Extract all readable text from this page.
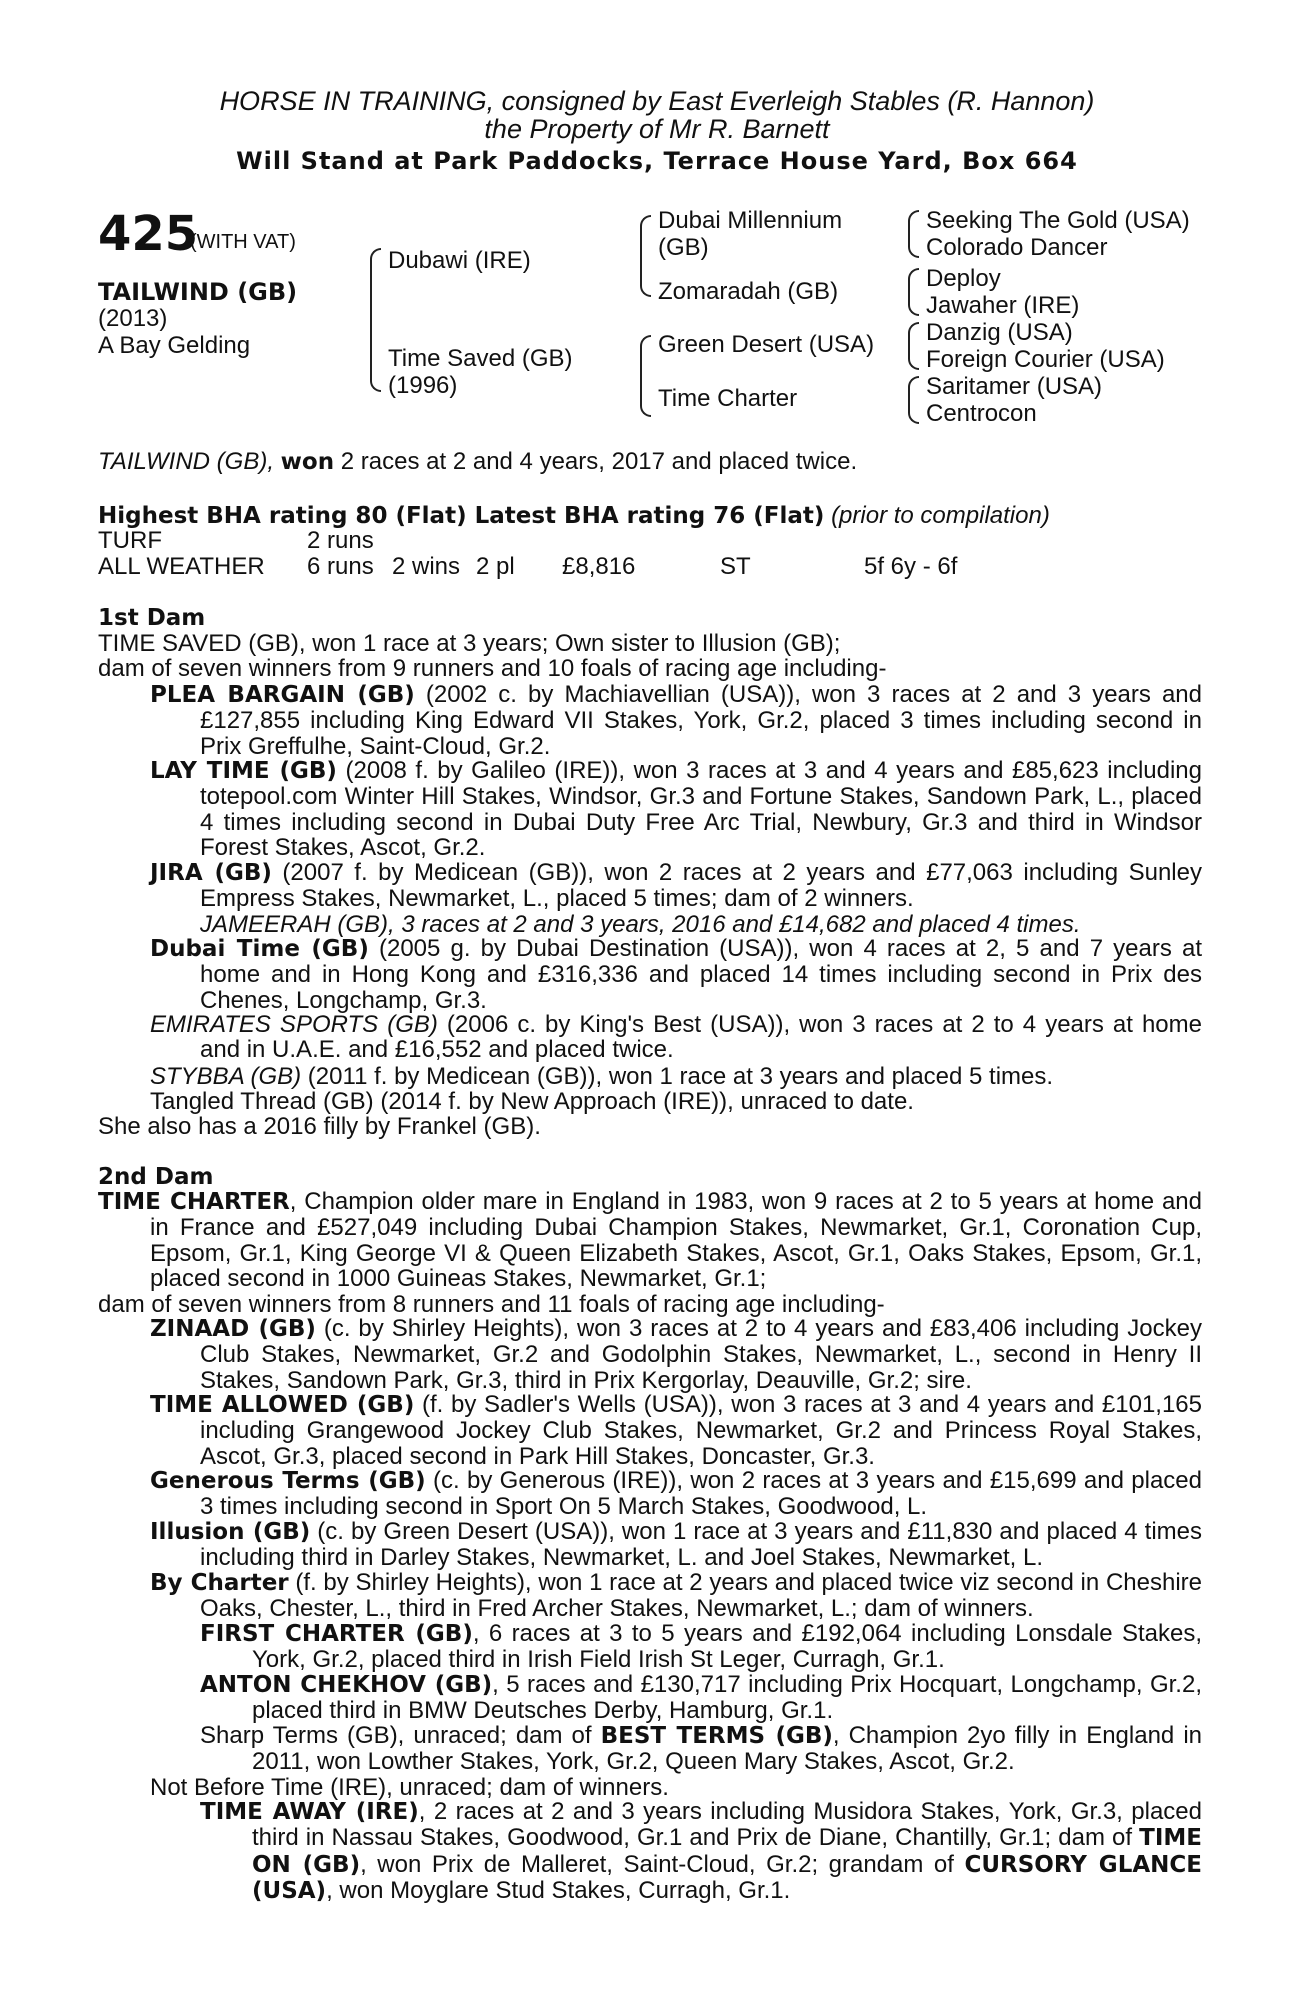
HORSE IN TRAINING, consigned by East Everleigh Stables (R. Hannon)
the Property of Mr R. Barnett
Will Stand at Park Paddocks, Terrace House Yard, Box 664
425
(WITH VAT)
TAILWIND (GB)
(2013)
A Bay Gelding
Dubawi (IRE)
Time Saved (GB)
(1996)
Dubai Millennium
(GB)
Zomaradah (GB)
Green Desert (USA)
Time Charter
Seeking The Gold (USA)
Colorado Dancer
Deploy
Jawaher (IRE)
Danzig (USA)
Foreign Courier (USA)
Saritamer (USA)
Centrocon
TAILWIND (GB), won 2 races at 2 and 4 years, 2017 and placed twice.
Highest BHA rating 80 (Flat) Latest BHA rating 76 (Flat) (prior to compilation)
TURF	2 runs
ALL WEATHER 6 runs 2 wins 2 pl £8,816	ST	5f 6y - 6f
1st Dam
TIME SAVED (GB), won 1 race at 3 years; Own sister to Illusion (GB);
dam of seven winners from 9 runners and 10 foals of racing age including-
PLEA BARGAIN (GB) (2002 c. by Machiavellian (USA)), won 3 races at 2 and 3 years and £127,855 including King Edward VII Stakes, York, Gr.2, placed 3 times including second in Prix Greffulhe, Saint-Cloud, Gr.2.
LAY TIME (GB) (2008 f. by Galileo (IRE)), won 3 races at 3 and 4 years and £85,623 including totepool.com Winter Hill Stakes, Windsor, Gr.3 and Fortune Stakes, Sandown Park, L., placed 4 times including second in Dubai Duty Free Arc Trial, Newbury, Gr.3 and third in Windsor Forest Stakes, Ascot, Gr.2.
JIRA (GB) (2007 f. by Medicean (GB)), won 2 races at 2 years and £77,063 including Sunley Empress Stakes, Newmarket, L., placed 5 times; dam of 2 winners.
JAMEERAH (GB), 3 races at 2 and 3 years, 2016 and £14,682 and placed 4 times.
Dubai Time (GB) (2005 g. by Dubai Destination (USA)), won 4 races at 2, 5 and 7 years at home and in Hong Kong and £316,336 and placed 14 times including second in Prix des Chenes, Longchamp, Gr.3.
EMIRATES SPORTS (GB) (2006 c. by King's Best (USA)), won 3 races at 2 to 4 years at home and in U.A.E. and £16,552 and placed twice.
STYBBA (GB) (2011 f. by Medicean (GB)), won 1 race at 3 years and placed 5 times.
Tangled Thread (GB) (2014 f. by New Approach (IRE)), unraced to date.
She also has a 2016 filly by Frankel (GB).
2nd Dam
TIME CHARTER, Champion older mare in England in 1983, won 9 races at 2 to 5 years at home and in France and £527,049 including Dubai Champion Stakes, Newmarket, Gr.1, Coronation Cup, Epsom, Gr.1, King George VI & Queen Elizabeth Stakes, Ascot, Gr.1, Oaks Stakes, Epsom, Gr.1, placed second in 1000 Guineas Stakes, Newmarket, Gr.1;
dam of seven winners from 8 runners and 11 foals of racing age including-
ZINAAD (GB) (c. by Shirley Heights), won 3 races at 2 to 4 years and £83,406 including Jockey Club Stakes, Newmarket, Gr.2 and Godolphin Stakes, Newmarket, L., second in Henry II Stakes, Sandown Park, Gr.3, third in Prix Kergorlay, Deauville, Gr.2; sire.
TIME ALLOWED (GB) (f. by Sadler's Wells (USA)), won 3 races at 3 and 4 years and £101,165 including Grangewood Jockey Club Stakes, Newmarket, Gr.2 and Princess Royal Stakes, Ascot, Gr.3, placed second in Park Hill Stakes, Doncaster, Gr.3.
Generous Terms (GB) (c. by Generous (IRE)), won 2 races at 3 years and £15,699 and placed 3 times including second in Sport On 5 March Stakes, Goodwood, L.
Illusion (GB) (c. by Green Desert (USA)), won 1 race at 3 years and £11,830 and placed 4 times including third in Darley Stakes, Newmarket, L. and Joel Stakes, Newmarket, L.
By Charter (f. by Shirley Heights), won 1 race at 2 years and placed twice viz second in Cheshire Oaks, Chester, L., third in Fred Archer Stakes, Newmarket, L.; dam of winners.
FIRST CHARTER (GB), 6 races at 3 to 5 years and £192,064 including Lonsdale Stakes, York, Gr.2, placed third in Irish Field Irish St Leger, Curragh, Gr.1.
ANTON CHEKHOV (GB), 5 races and £130,717 including Prix Hocquart, Longchamp, Gr.2, placed third in BMW Deutsches Derby, Hamburg, Gr.1.
Sharp Terms (GB), unraced; dam of BEST TERMS (GB), Champion 2yo filly in England in 2011, won Lowther Stakes, York, Gr.2, Queen Mary Stakes, Ascot, Gr.2.
Not Before Time (IRE), unraced; dam of winners.
TIME AWAY (IRE), 2 races at 2 and 3 years including Musidora Stakes, York, Gr.3, placed third in Nassau Stakes, Goodwood, Gr.1 and Prix de Diane, Chantilly, Gr.1; dam of TIME ON (GB), won Prix de Malleret, Saint-Cloud, Gr.2; grandam of CURSORY GLANCE (USA), won Moyglare Stud Stakes, Curragh, Gr.1.
